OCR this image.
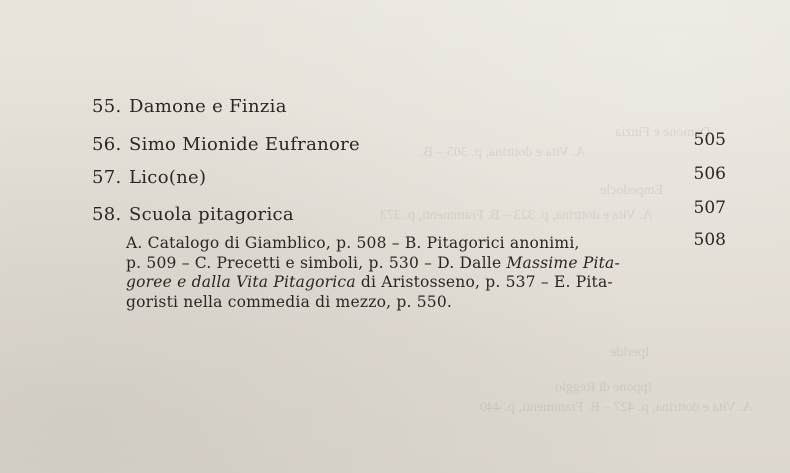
Damone e Finzia
A. Vita e dottrina, p. 305 – B.
Empedocle
A. Vita e dottrina, p. 323 – B. Frammenti, p. 373
Iperide
Ippone di Reggio
A. Vita e dottrina, p. 427 – B. Frammenti, p. 440
55. Damone e Finzia
56. Simo Mionide Eufranore
57. Lico(ne)
58. Scuola pitagorica
505
506
507
508
A. Catalogo di Giamblico, p. 508 – B. Pitagorici anonimi,
p. 509 – C. Precetti e simboli, p. 530 – D. Dalle Massime Pita-
goree e dalla Vita Pitagorica di Aristosseno, p. 537 – E. Pita-
goristi nella commedia di mezzo, p. 550.
